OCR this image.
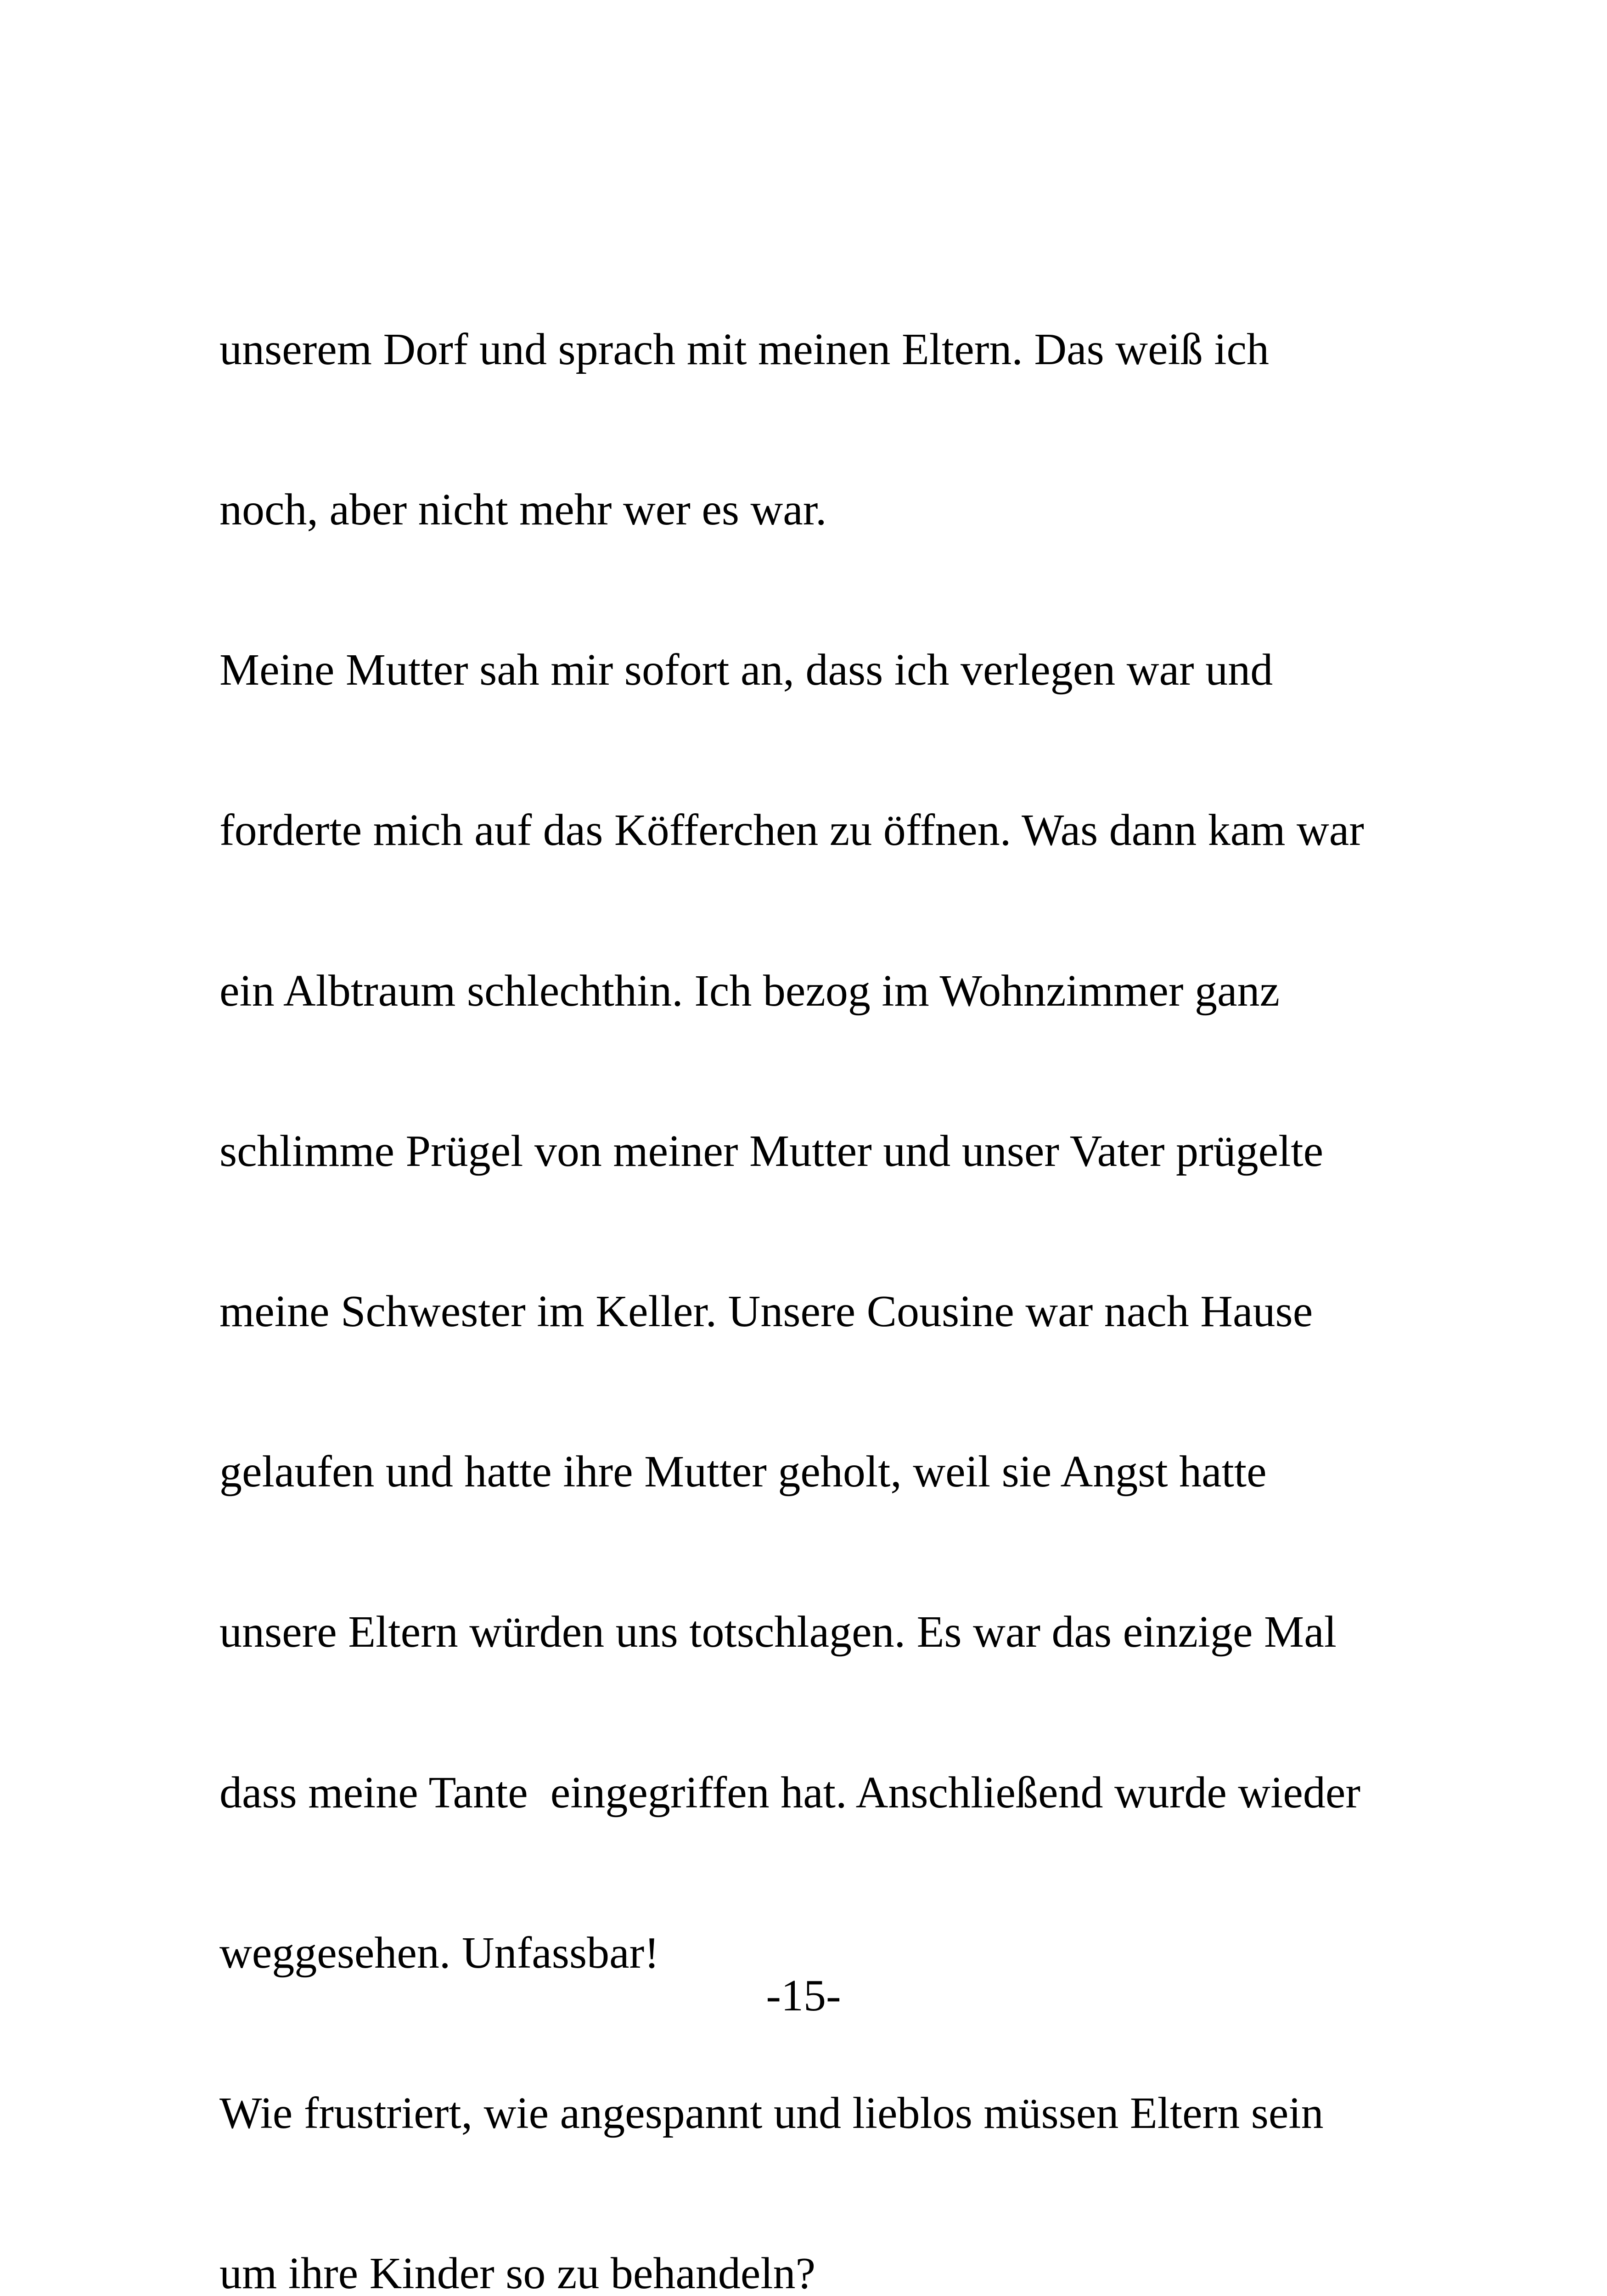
unserem Dorf und sprach mit meinen Eltern. Das weiß ich

noch, aber nicht mehr wer es war.

Meine Mutter sah mir sofort an, dass ich verlegen war und

forderte mich auf das Köfferchen zu öffnen. Was dann kam war

ein Albtraum schlechthin. Ich bezog im Wohnzimmer ganz

schlimme Prügel von meiner Mutter und unser Vater prügelte

meine Schwester im Keller. Unsere Cousine war nach Hause

gelaufen und hatte ihre Mutter geholt, weil sie Angst hatte

unsere Eltern würden uns totschlagen. Es war das einzige Mal

dass meine Tante  eingegriffen hat. Anschließend wurde wieder

weggesehen. Unfassbar!

Wie frustriert, wie angespannt und lieblos müssen Eltern sein

um ihre Kinder so zu behandeln?

-15-
